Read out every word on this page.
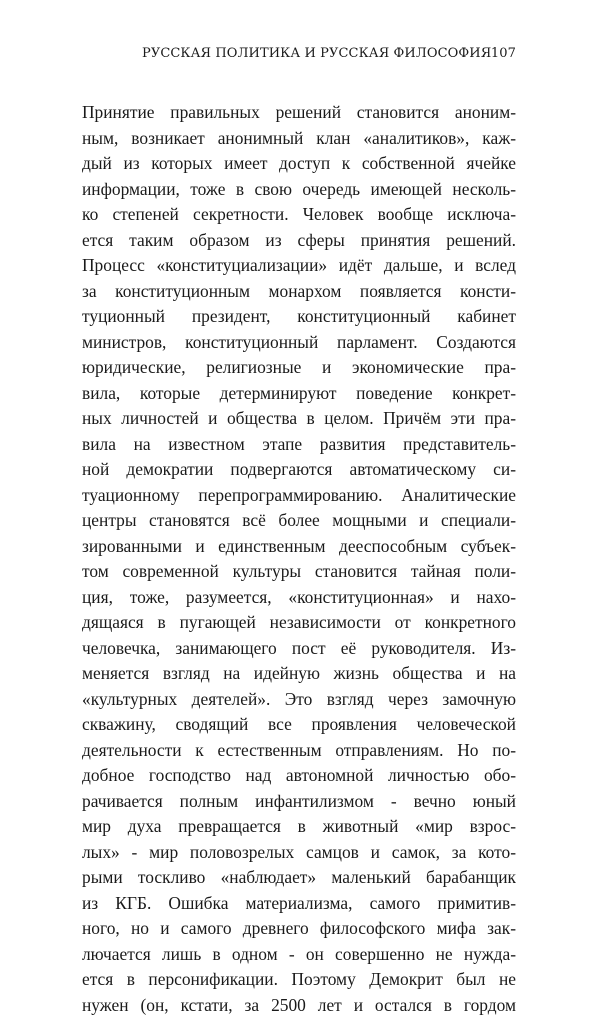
РУССКАЯ ПОЛИТИКА И РУССКАЯ ФИЛОСОФИЯ 107
Принятие правильных решений становится аноним-
ным, возникает анонимный клан «аналитиков», каж-
дый из которых имеет доступ к собственной ячейке
информации, тоже в свою очередь имеющей несколь-
ко степеней секретности. Человек вообще исключа-
ется таким образом из сферы принятия решений.
Процесс «конституциализации» идёт дальше, и вслед
за конституционным монархом появляется консти-
туционный президент, конституционный кабинет
министров, конституционный парламент. Создаются
юридические, религиозные и экономические пра-
вила, которые детерминируют поведение конкрет-
ных личностей и общества в целом. Причём эти пра-
вила на известном этапе развития представитель-
ной демократии подвергаются автоматическому си-
туационному перепрограммированию. Аналитические
центры становятся всё более мощными и специали-
зированными и единственным дееспособным субъек-
том современной культуры становится тайная поли-
ция, тоже, разумеется, «конституционная» и нахо-
дящаяся в пугающей независимости от конкретного
человечка, занимающего пост её руководителя. Из-
меняется взгляд на идейную жизнь общества и на
«культурных деятелей». Это взгляд через замочную
скважину, сводящий все проявления человеческой
деятельности к естественным отправлениям. Но по-
добное господство над автономной личностью обо-
рачивается полным инфантилизмом - вечно юный
мир духа превращается в животный «мир взрос-
лых» - мир половозрелых самцов и самок, за кото-
рыми тоскливо «наблюдает» маленький барабанщик
из КГБ. Ошибка материализма, самого примитив-
ного, но и самого древнего философского мифа зак-
лючается лишь в одном - он совершенно не нужда-
ется в персонификации. Поэтому Демокрит был не
нужен (он, кстати, за 2500 лет и остался в гордом
